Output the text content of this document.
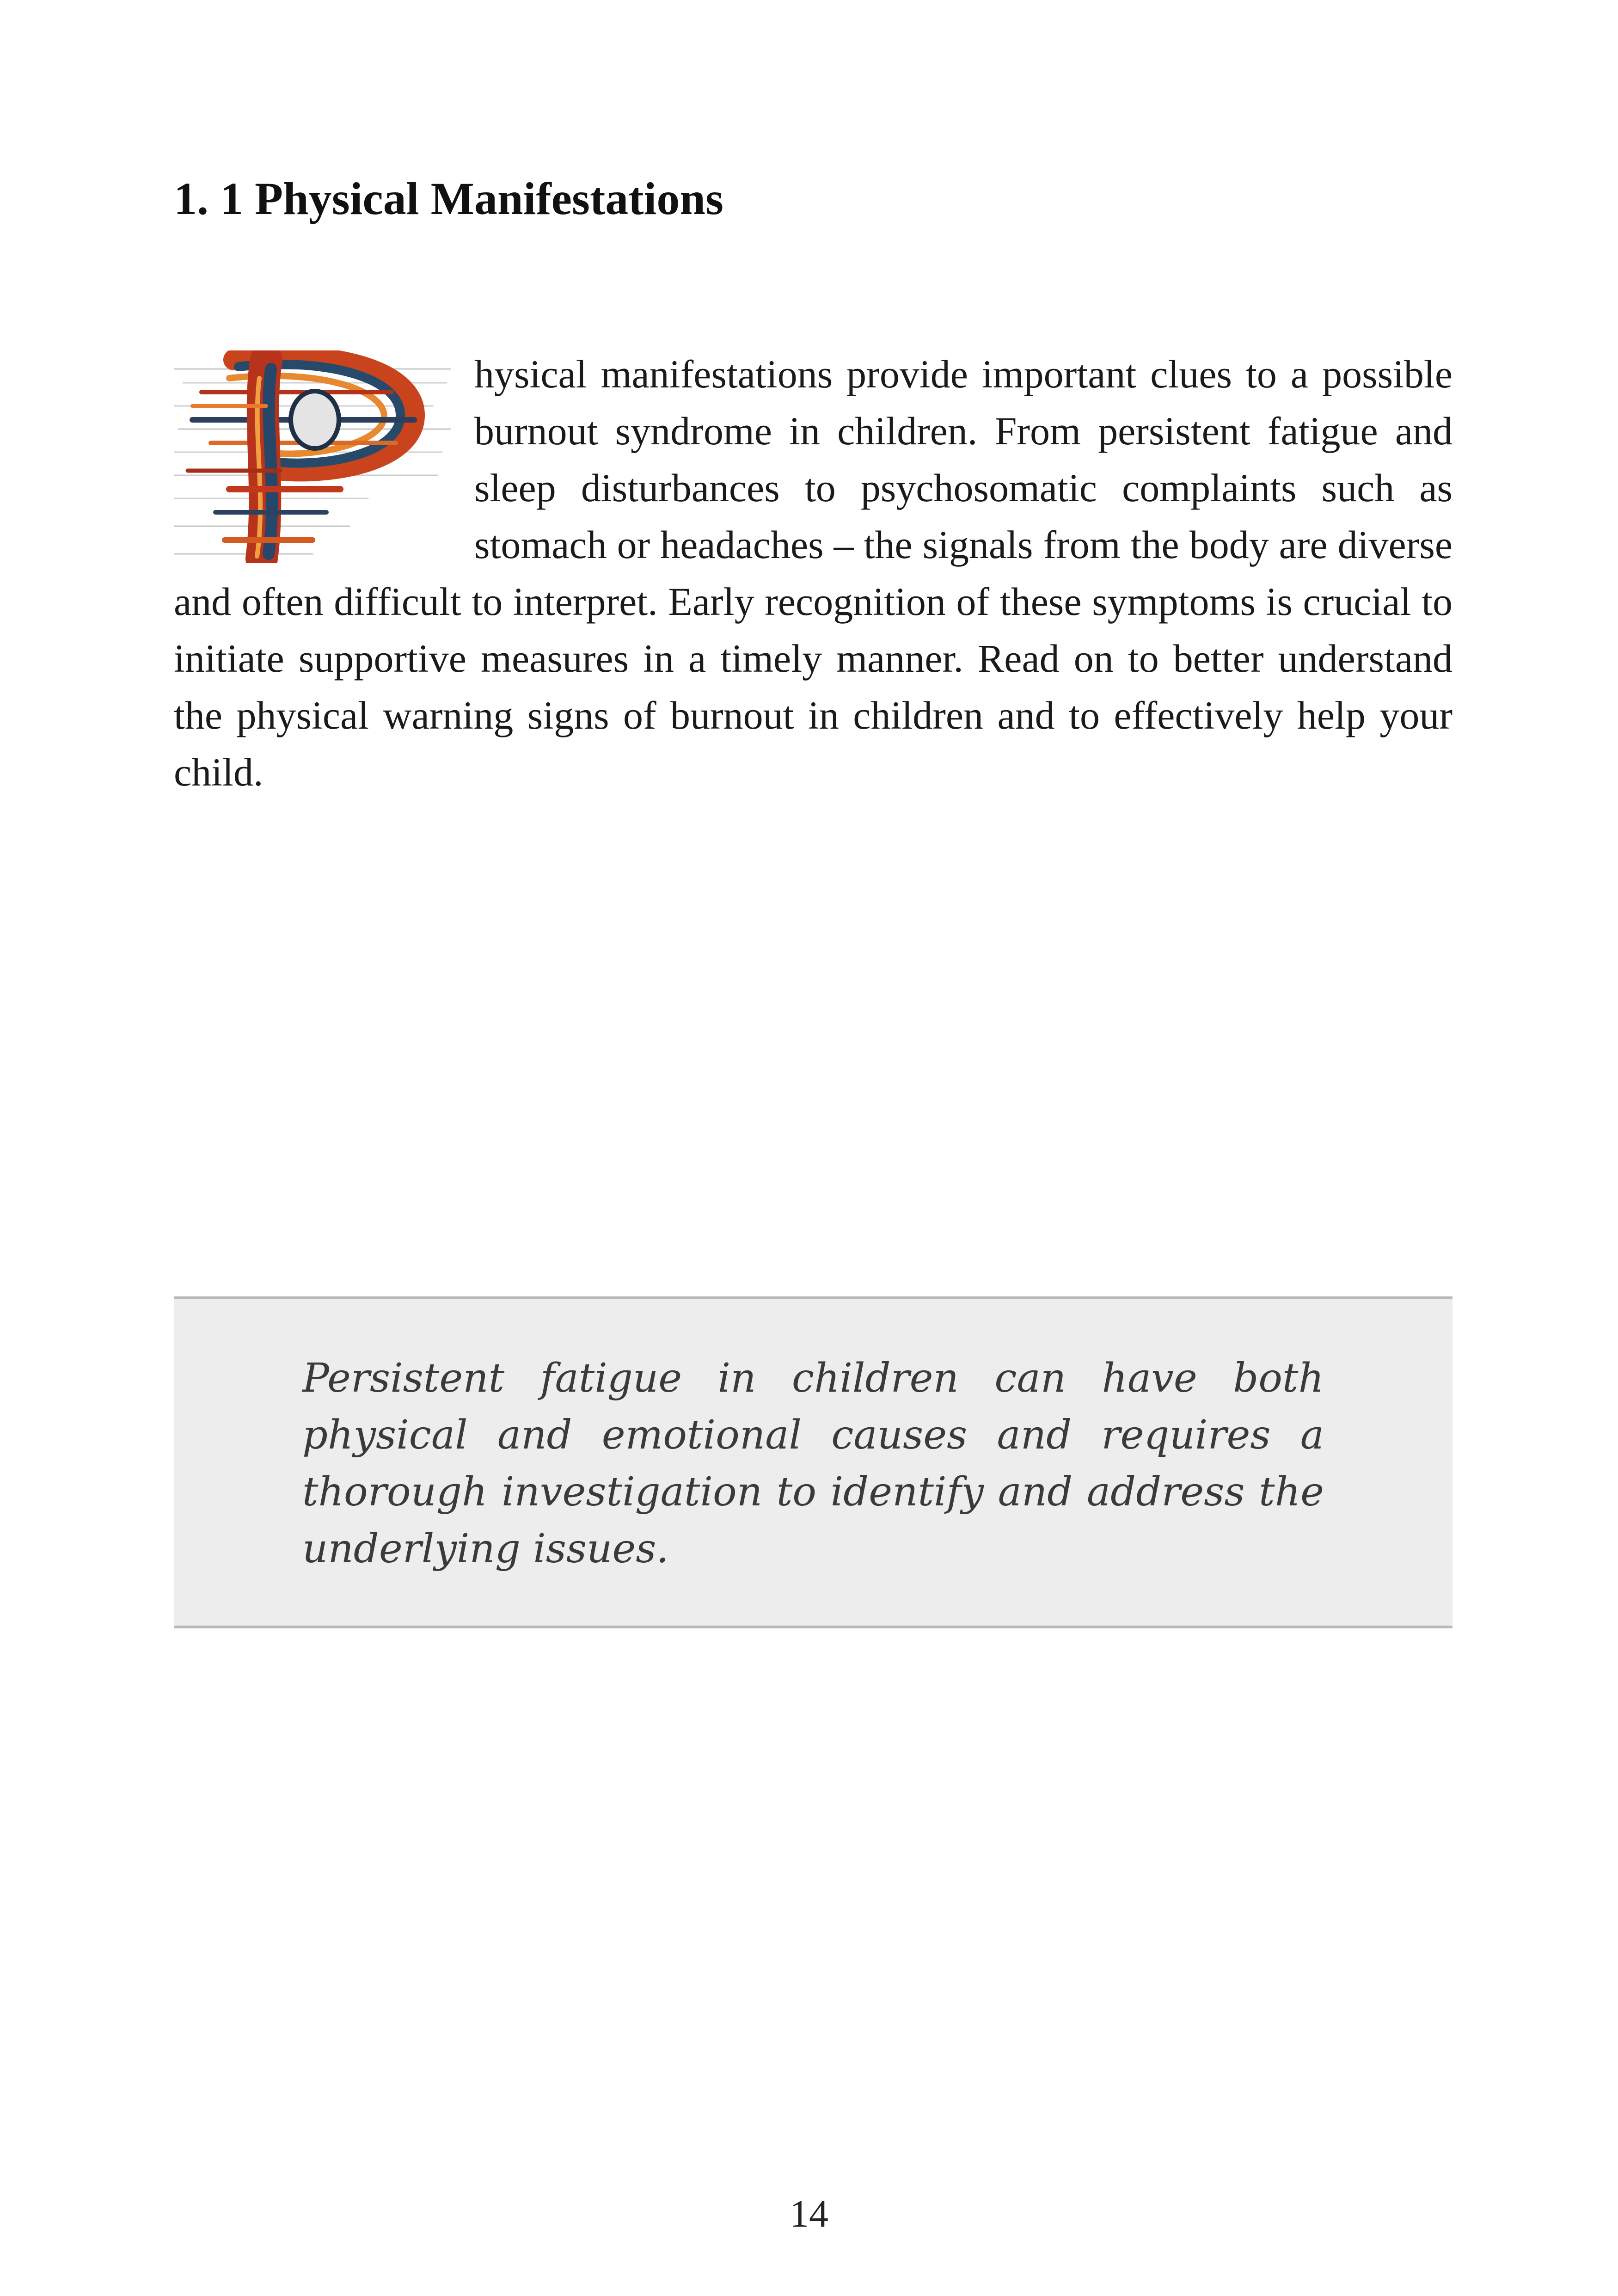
1. 1 Physical Manifestations

hysical manifestations provide important clues to a possible burnout syndrome in children. From persistent fatigue and sleep disturbances to psychosomatic complaints such as stomach or headaches – the signals from the body are diverse and often difficult to interpret. Early recognition of these symptoms is crucial to initiate supportive measures in a timely manner. Read on to better understand the physical warning signs of burnout in children and to effectively help your child.

Persistent fatigue in children can have both physical and emotional causes and requires a thorough investigation to identify and address the underlying issues.

14
